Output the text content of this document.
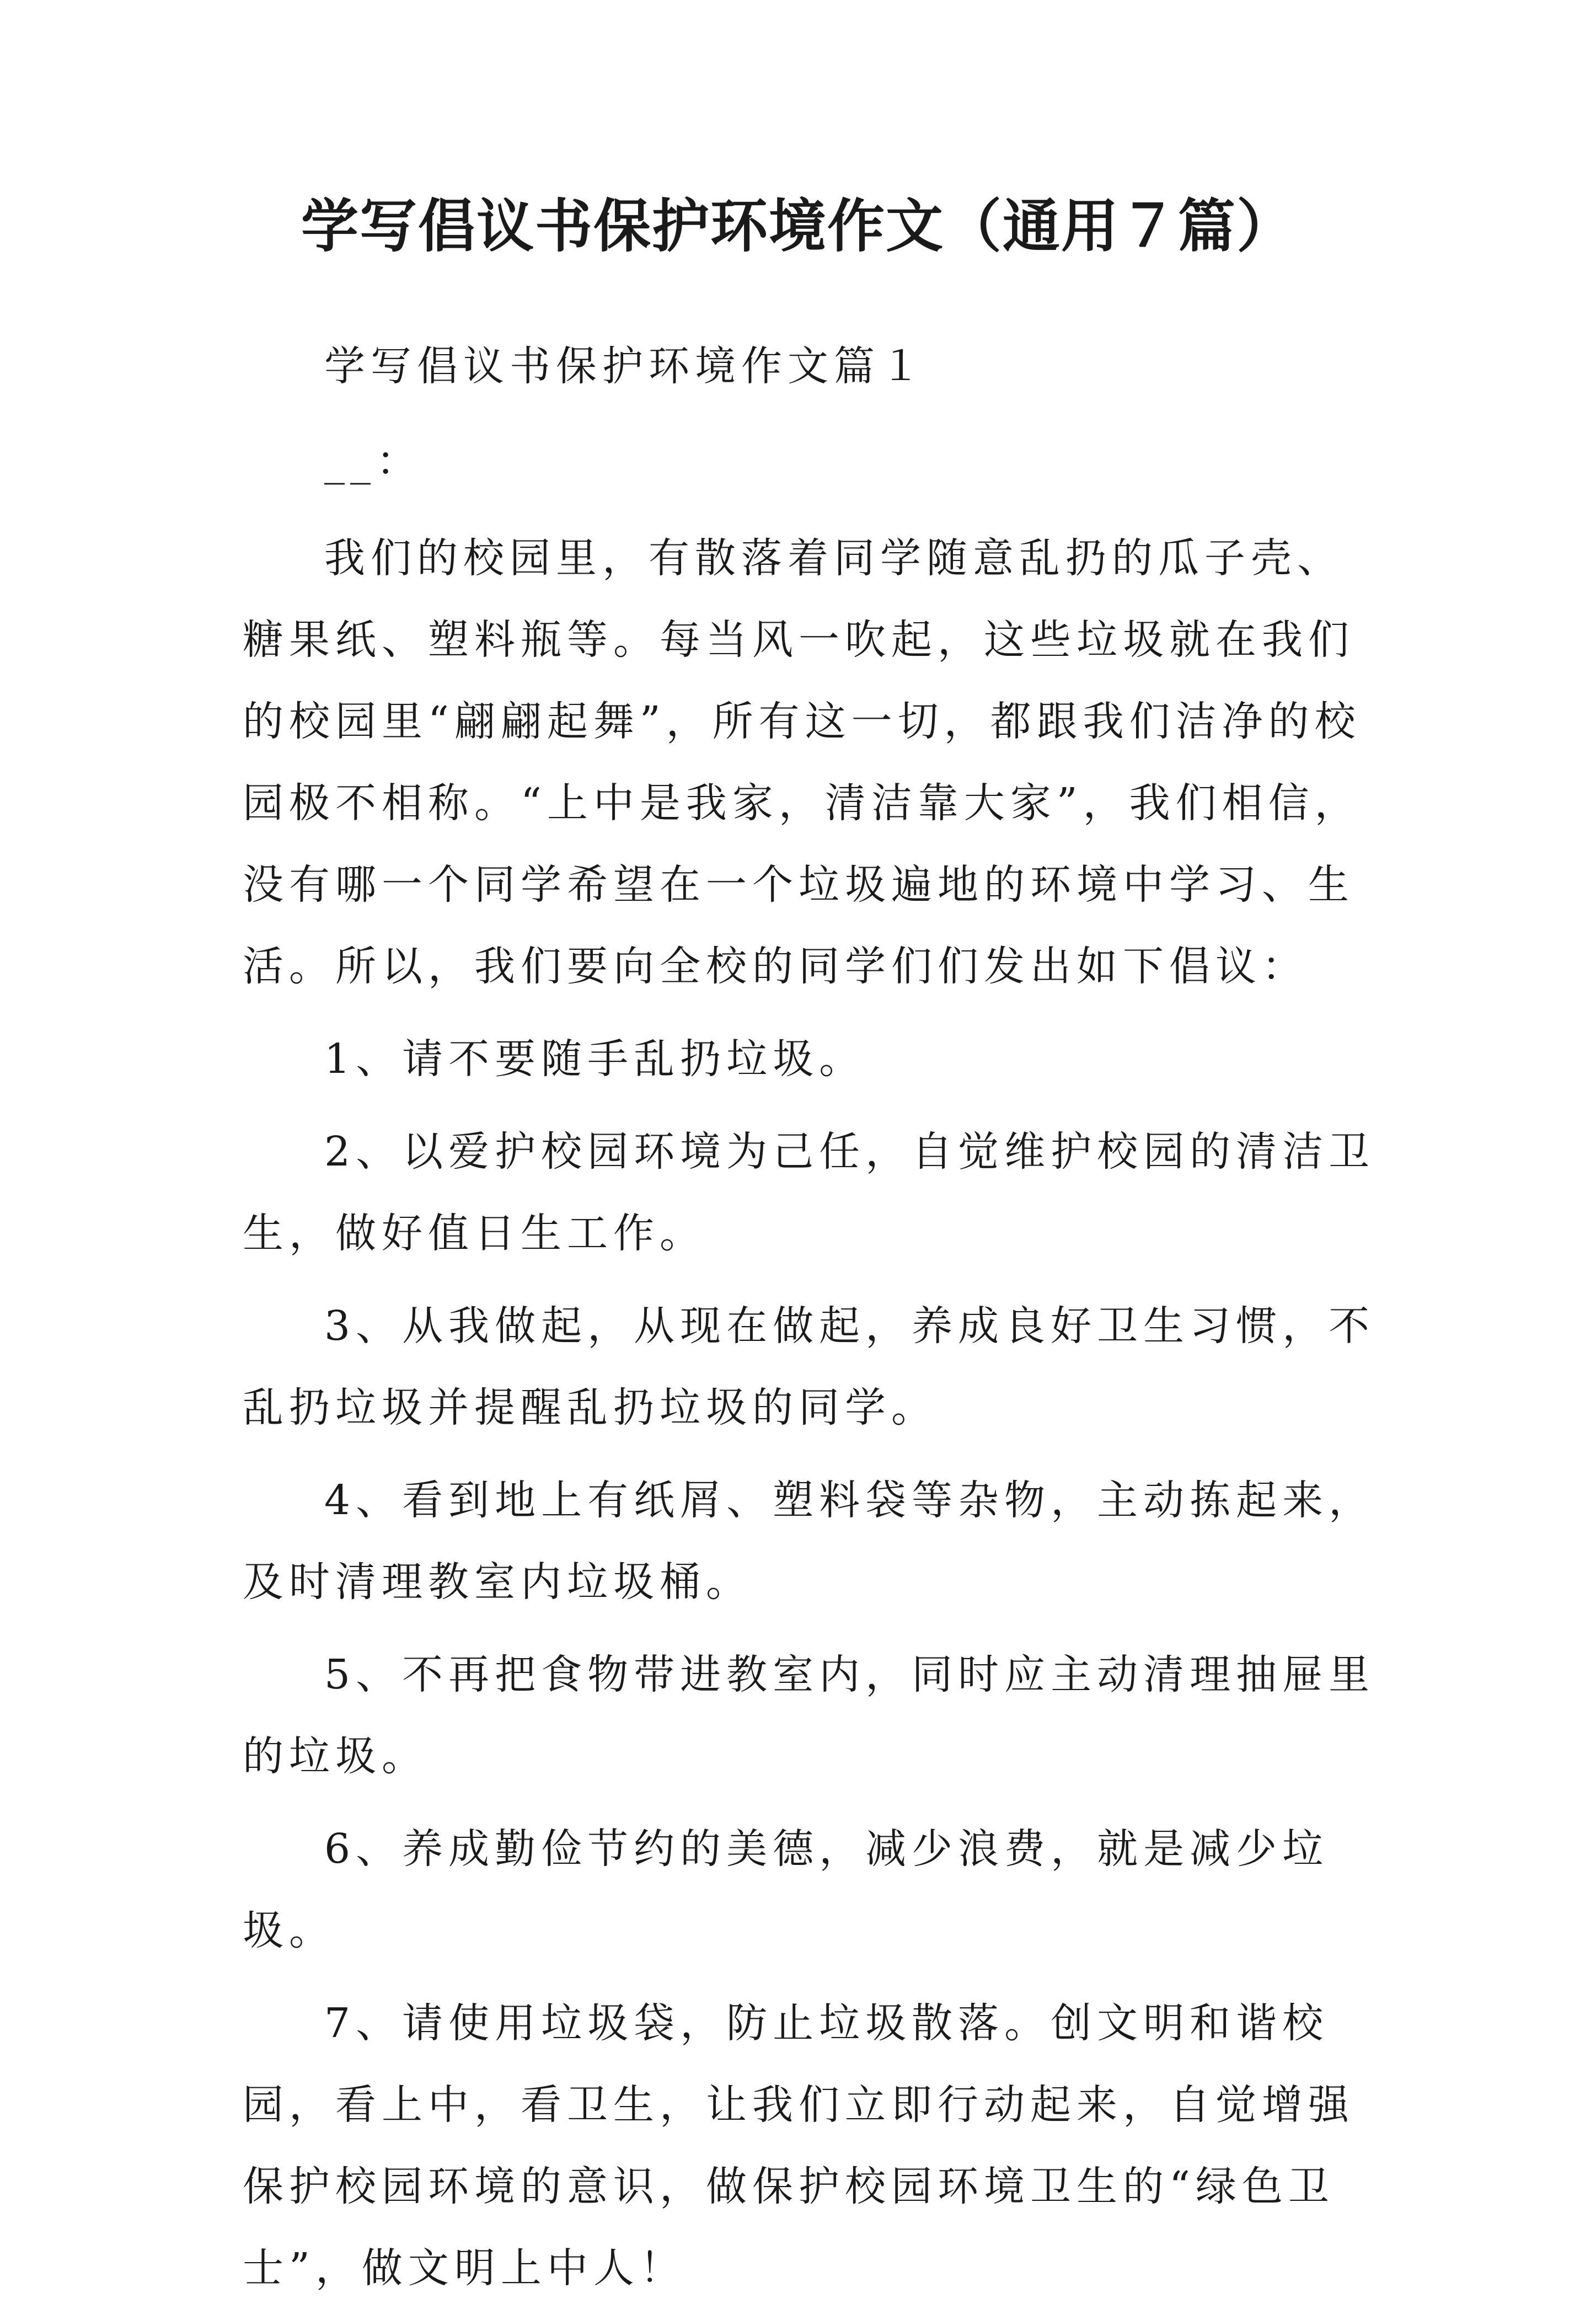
学写倡议书保护环境作文（通用７篇）

学写倡议书保护环境作文篇１

__：

我们的校园里，有散落着同学随意乱扔的瓜子壳、糖果纸、塑料瓶等。每当风一吹起，这些垃圾就在我们的校园里“翩翩起舞”，所有这一切，都跟我们洁净的校园极不相称。“上中是我家，清洁靠大家”，我们相信，没有哪一个同学希望在一个垃圾遍地的环境中学习、生活。所以，我们要向全校的同学们们发出如下倡议：

1、请不要随手乱扔垃圾。

2、以爱护校园环境为己任，自觉维护校园的清洁卫生，做好值日生工作。

3、从我做起，从现在做起，养成良好卫生习惯，不乱扔垃圾并提醒乱扔垃圾的同学。

4、看到地上有纸屑、塑料袋等杂物，主动拣起来，及时清理教室内垃圾桶。

5、不再把食物带进教室内，同时应主动清理抽屉里的垃圾。

6、养成勤俭节约的美德，减少浪费，就是减少垃圾。

7、请使用垃圾袋，防止垃圾散落。创文明和谐校园，看上中，看卫生，让我们立即行动起来，自觉增强保护校园环境的意识，做保护校园环境卫生的“绿色卫士”，做文明上中人！
